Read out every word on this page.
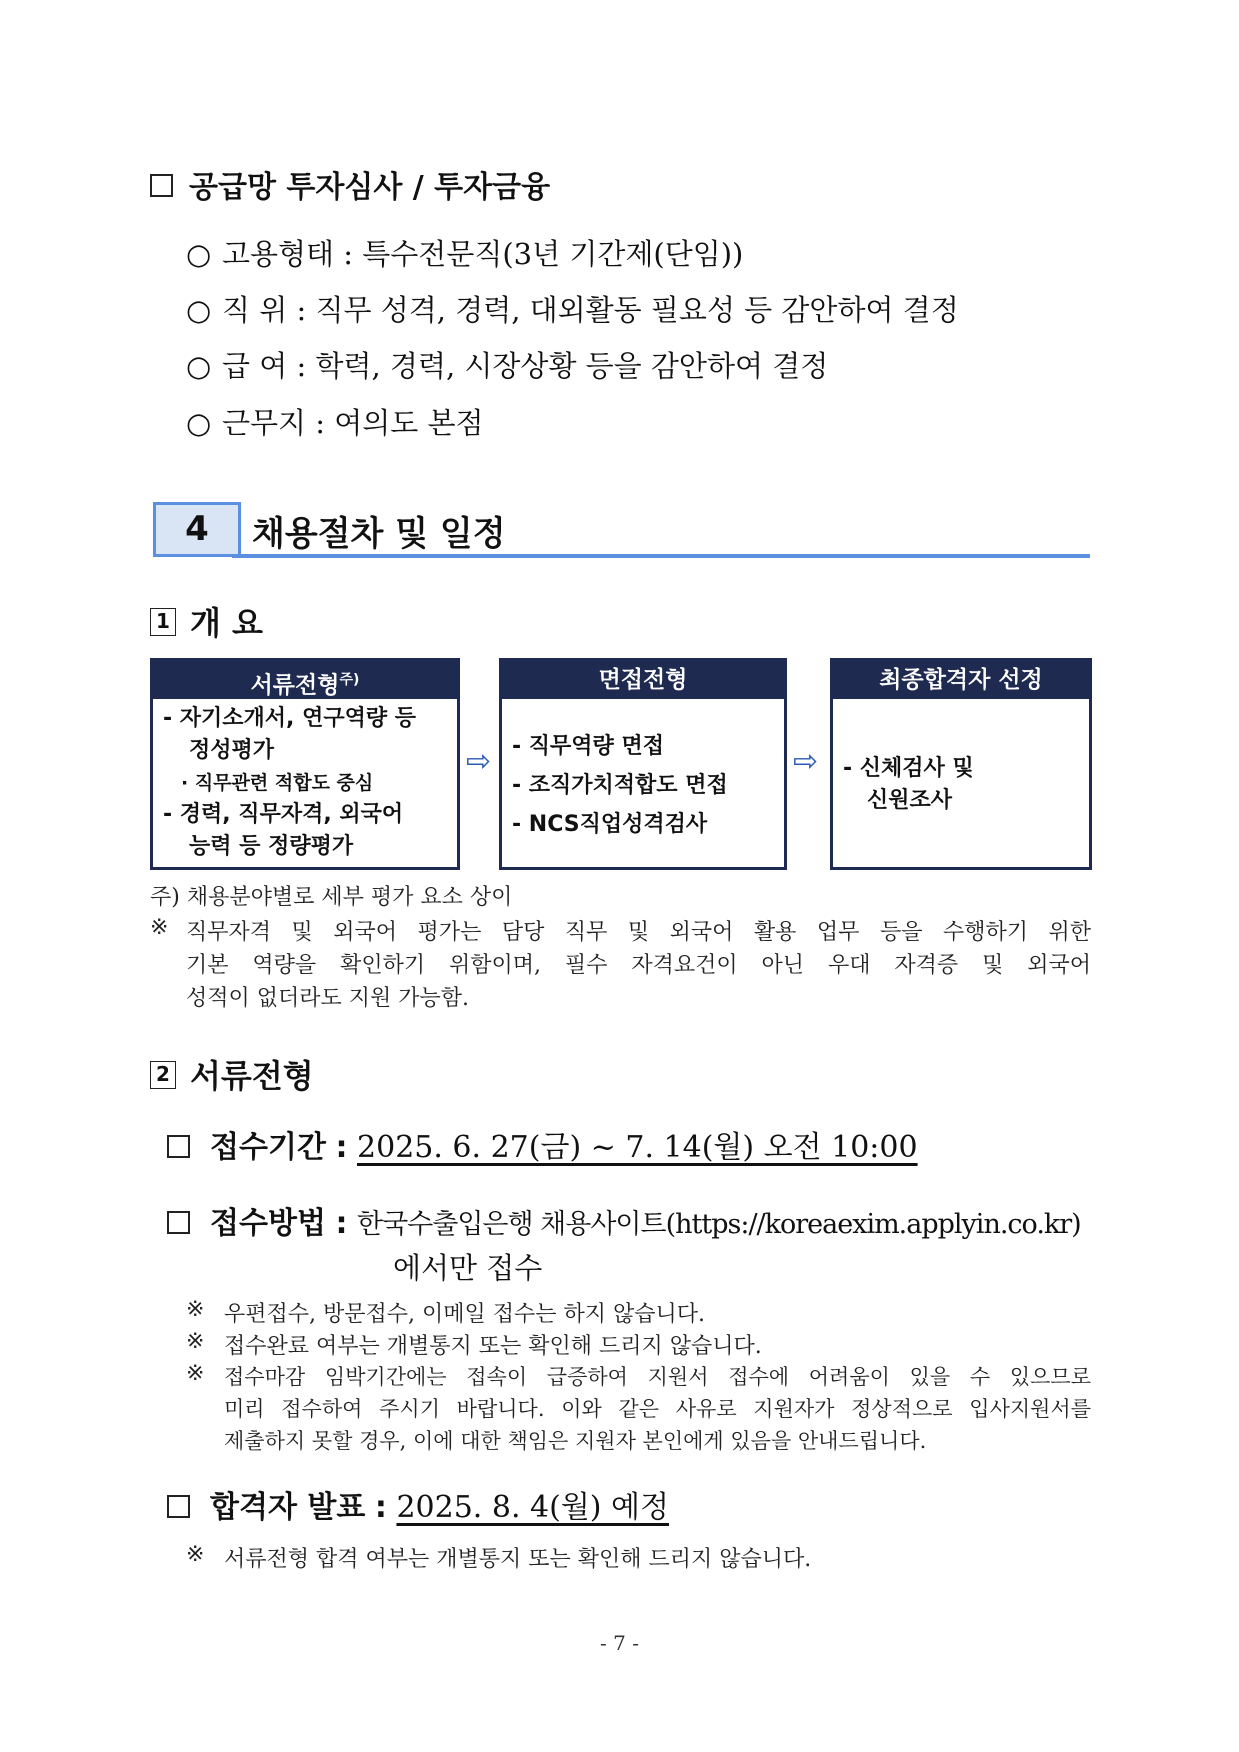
공급망 투자심사 / 투자금융
○ 고용형태 : 특수전문직(3년 기간제(단임))
○ 직 위 : 직무 성격, 경력, 대외활동 필요성 등 감안하여 결정
○ 급 여 : 학력, 경력, 시장상황 등을 감안하여 결정
○ 근무지 : 여의도 본점
4	채용절차 및 일정
1 개 요
서류전형$^{주)}$
- 자기소개서, 연구역량 등
정성평가
· 직무관련 적합도 중심
- 경력, 직무자격, 외국어
능력 등 정량평가
⇨
면접전형
- 직무역량 면접
- 조직가치적합도 면접
- NCS직업성격검사
⇨
최종합격자 선정
- 신체검사 및
신원조사
주) 채용분야별로 세부 평가 요소 상이
※ 직무자격 및 외국어 평가는 담당 직무 및 외국어 활용 업무 등을 수행하기 위한
기본 역량을 확인하기 위함이며, 필수 자격요건이 아닌 우대 자격증 및 외국어
성적이 없더라도 지원 가능함.
2 서류전형
접수기간 : 2025. 6. 27(금) ~ 7. 14(월) 오전 10:00
접수방법 : 한국수출입은행 채용사이트(https://koreaexim.applyin.co.kr)
에서만 접수
※ 우편접수, 방문접수, 이메일 접수는 하지 않습니다.
※ 접수완료 여부는 개별통지 또는 확인해 드리지 않습니다.
※ 접수마감 임박기간에는 접속이 급증하여 지원서 접수에 어려움이 있을 수 있으므로
미리 접수하여 주시기 바랍니다. 이와 같은 사유로 지원자가 정상적으로 입사지원서를
제출하지 못할 경우, 이에 대한 책임은 지원자 본인에게 있음을 안내드립니다.
합격자 발표 : 2025. 8. 4(월) 예정
※ 서류전형 합격 여부는 개별통지 또는 확인해 드리지 않습니다.
- 7 -
